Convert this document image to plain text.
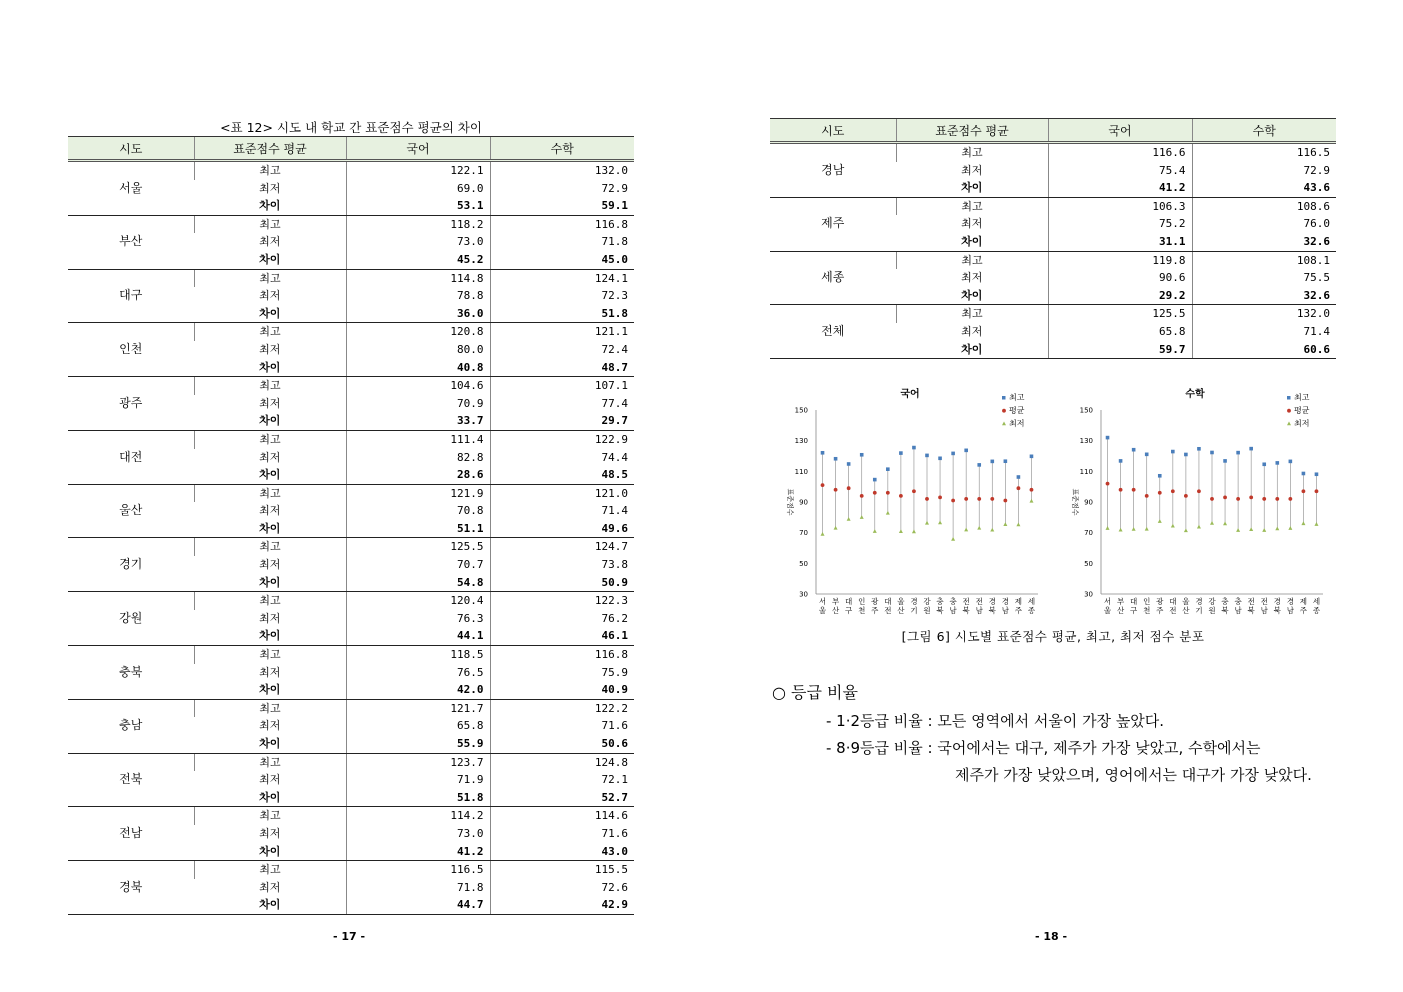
<표 12> 시도 내 학교 간 표준점수 평균의 차이
시도	표준점수 평균	국어	수학
서울	최고	122.1	132.0
	최저	69.0	72.9
	차이	53.1	59.1
부산	최고	118.2	116.8
	최저	73.0	71.8
	차이	45.2	45.0
대구	최고	114.8	124.1
	최저	78.8	72.3
	차이	36.0	51.8
인천	최고	120.8	121.1
	최저	80.0	72.4
	차이	40.8	48.7
광주	최고	104.6	107.1
	최저	70.9	77.4
	차이	33.7	29.7
대전	최고	111.4	122.9
	최저	82.8	74.4
	차이	28.6	48.5
울산	최고	121.9	121.0
	최저	70.8	71.4
	차이	51.1	49.6
경기	최고	125.5	124.7
	최저	70.7	73.8
	차이	54.8	50.9
강원	최고	120.4	122.3
	최저	76.3	76.2
	차이	44.1	46.1
충북	최고	118.5	116.8
	최저	76.5	75.9
	차이	42.0	40.9
충남	최고	121.7	122.2
	최저	65.8	71.6
	차이	55.9	50.6
전북	최고	123.7	124.8
	최저	71.9	72.1
	차이	51.8	52.7
전남	최고	114.2	114.6
	최저	73.0	71.6
	차이	41.2	43.0
경북	최고	116.5	115.5
	최저	71.8	72.6
	차이	44.7	42.9
- 17 -
시도	표준점수 평균	국어	수학
경남	최고	116.6	116.5
	최저	75.4	72.9
	차이	41.2	43.6
제주	최고	106.3	108.6
	최저	75.2	76.0
	차이	31.1	32.6
세종	최고	119.8	108.1
	최저	90.6	75.5
	차이	29.2	32.6
전체	최고	125.5	132.0
	최저	65.8	71.4
	차이	59.7	60.6
국어
30
50
70
90
110
130
150
표준점수
서 울
부 산
대 구
인 천
광 주
대 전
울 산
경 기
강 원
충 북
충 남
전 북
전 남
경 북
경 남
제 주
세 종
최고
평균
최저
수학
30
50
70
90
110
130
150
표준점수
서 울
부 산
대 구
인 천
광 주
대 전
울 산
경 기
강 원
충 북
충 남
전 북
전 남
경 북
경 남
제 주
세 종
최고
평균
최저
[그림 6] 시도별 표준점수 평균, 최고, 최저 점수 분포
○ 등급 비율
- 1·2등급 비율 : 모든 영역에서 서울이 가장 높았다.
- 8·9등급 비율 : 국어에서는 대구, 제주가 가장 낮았고, 수학에서는
제주가 가장 낮았으며, 영어에서는 대구가 가장 낮았다.
- 18 -
